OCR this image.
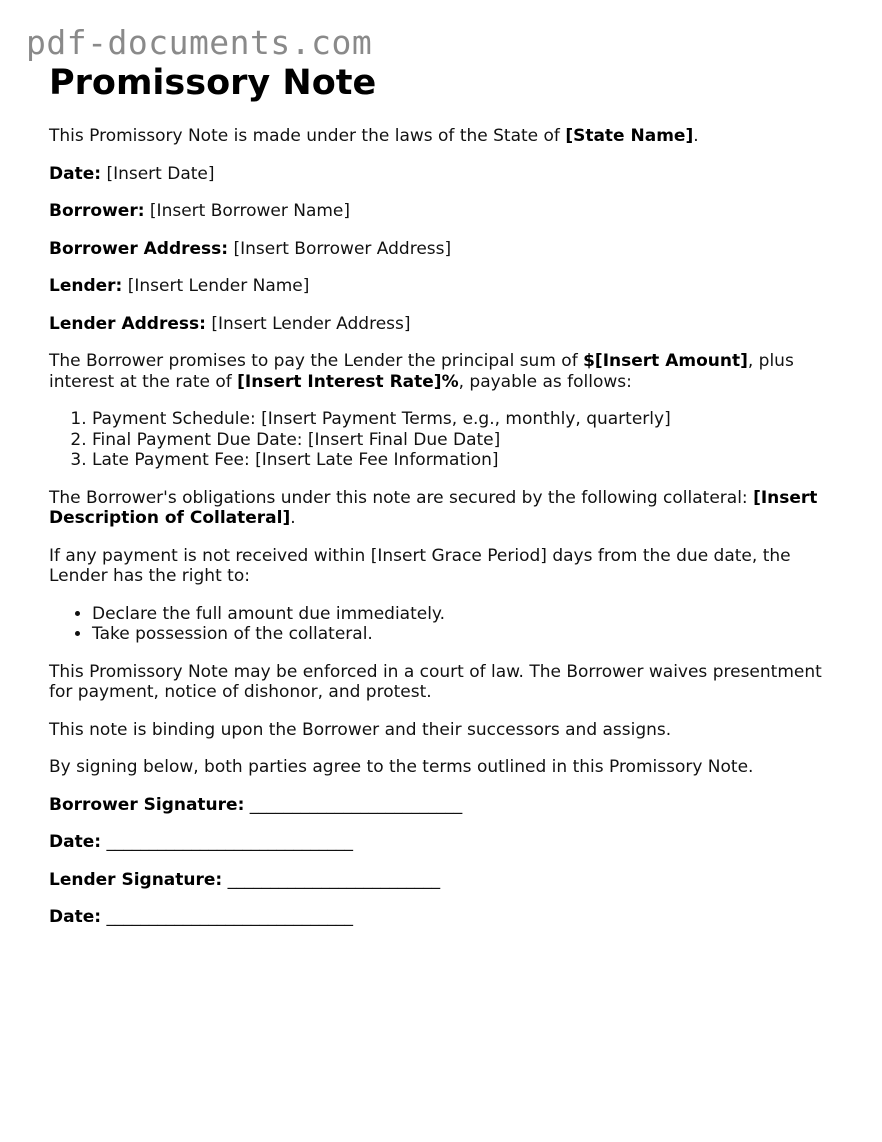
pdf-documents.com
Promissory Note

This Promissory Note is made under the laws of the State of [State Name].

Date: [Insert Date]

Borrower: [Insert Borrower Name]

Borrower Address: [Insert Borrower Address]

Lender: [Insert Lender Name]

Lender Address: [Insert Lender Address]

The Borrower promises to pay the Lender the principal sum of $[Insert Amount], plus interest at the rate of [Insert Interest Rate]%, payable as follows:

1. Payment Schedule: [Insert Payment Terms, e.g., monthly, quarterly]
2. Final Payment Due Date: [Insert Final Due Date]
3. Late Payment Fee: [Insert Late Fee Information]

The Borrower's obligations under this note are secured by the following collateral: [Insert Description of Collateral].

If any payment is not received within [Insert Grace Period] days from the due date, the Lender has the right to:

• Declare the full amount due immediately.
• Take possession of the collateral.

This Promissory Note may be enforced in a court of law. The Borrower waives presentment for payment, notice of dishonor, and protest.

This note is binding upon the Borrower and their successors and assigns.

By signing below, both parties agree to the terms outlined in this Promissory Note.

Borrower Signature: _________________________

Date: _____________________________

Lender Signature: _________________________

Date: _____________________________
